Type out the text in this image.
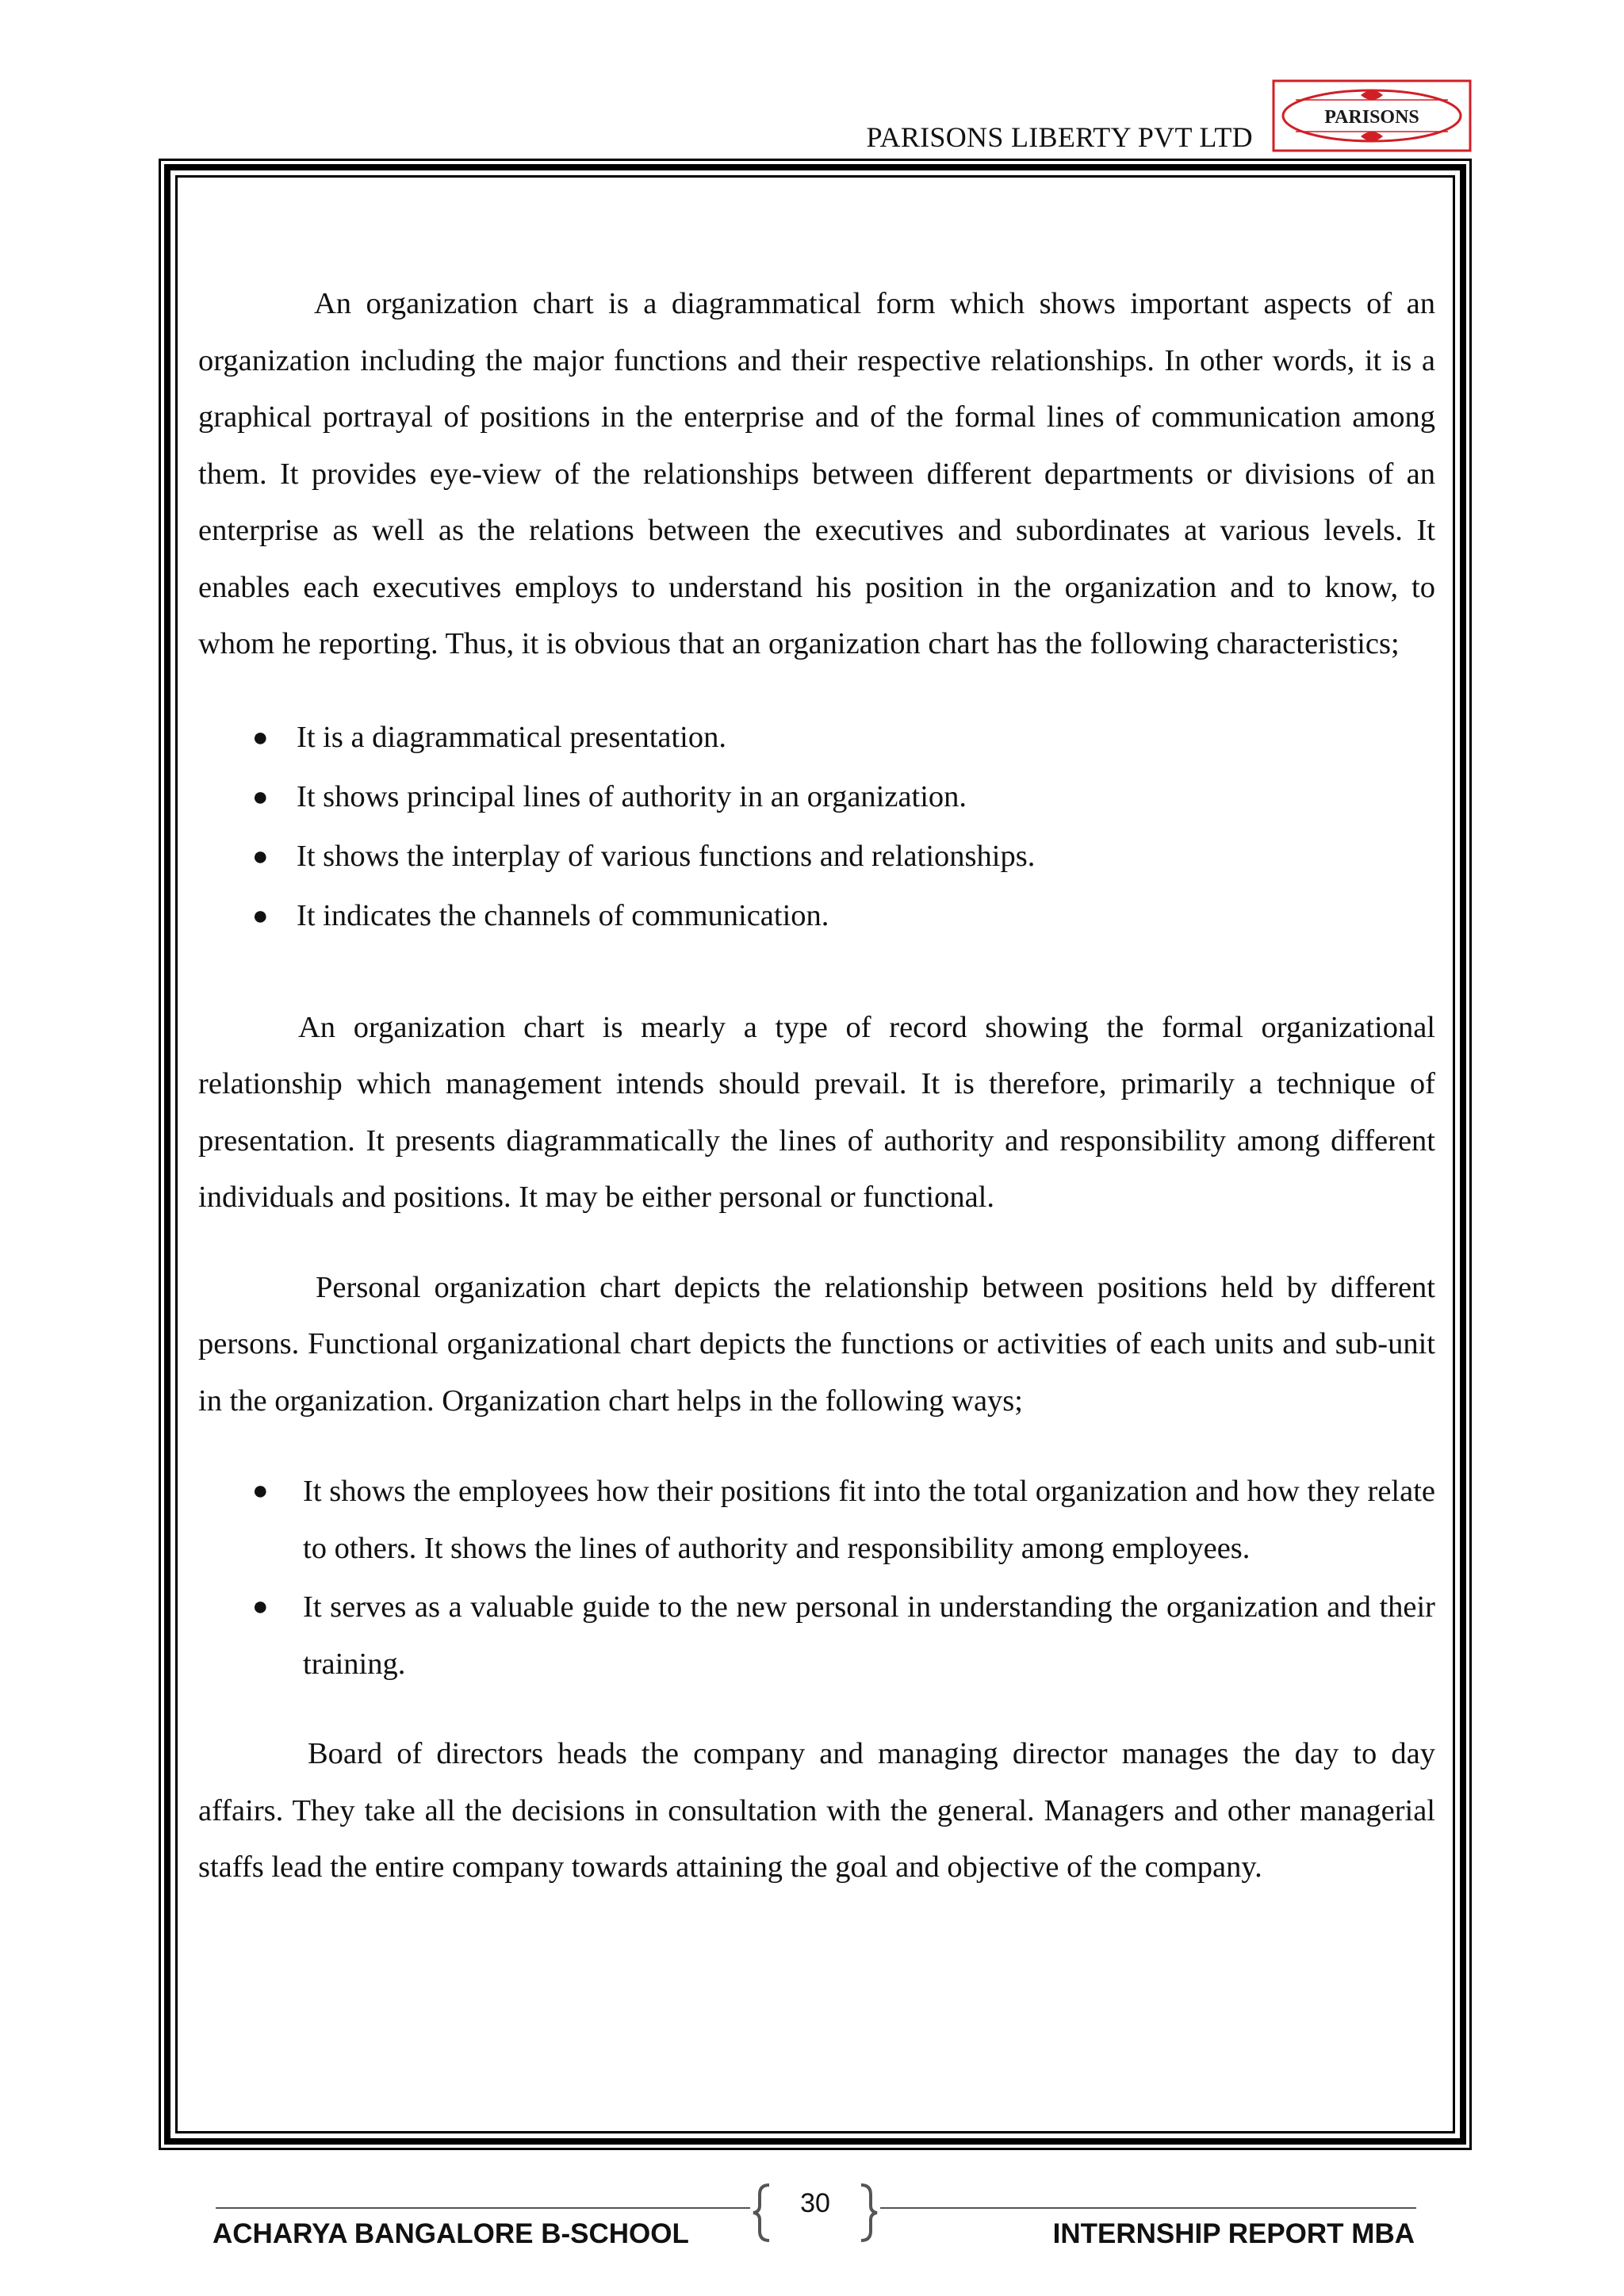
PARISONS LIBERTY PVT LTD
PARISONS

An organization chart is a diagrammatical form which shows important aspects of an organization including the major functions and their respective relationships. In other words, it is a graphical portrayal of positions in the enterprise and of the formal lines of communication among them. It provides eye-view of the relationships between different departments or divisions of an enterprise as well as the relations between the executives and subordinates at various levels. It enables each executives employs to understand his position in the organization and to know, to whom he reporting. Thus, it is obvious that an organization chart has the following characteristics;

● It is a diagrammatical presentation.
● It shows principal lines of authority in an organization.
● It shows the interplay of various functions and relationships.
● It indicates the channels of communication.

An organization chart is mearly a type of record showing the formal organizational relationship which management intends should prevail. It is therefore, primarily a technique of presentation. It presents diagrammatically the lines of authority and responsibility among different individuals and positions. It may be either personal or functional.

Personal organization chart depicts the relationship between positions held by different persons. Functional organizational chart depicts the functions or activities of each units and sub-unit in the organization. Organization chart helps in the following ways;

● It shows the employees how their positions fit into the total organization and how they relate to others. It shows the lines of authority and responsibility among employees.
● It serves as a valuable guide to the new personal in understanding the organization and their training.

Board of directors heads the company and managing director manages the day to day affairs. They take all the decisions in consultation with the general. Managers and other managerial staffs lead the entire company towards attaining the goal and objective of the company.

30
ACHARYA BANGALORE B-SCHOOL	INTERNSHIP REPORT MBA
